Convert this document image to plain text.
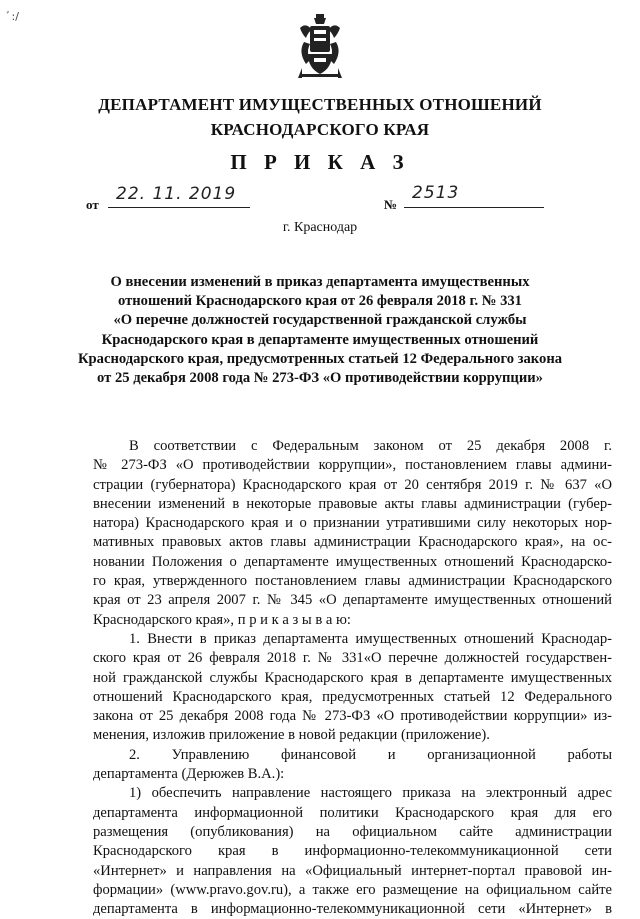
ﾞ:/
ДЕПАРТАМЕНТ ИМУЩЕСТВЕННЫХ ОТНОШЕНИЙ
КРАСНОДАРСКОГО КРАЯ
П Р И К А З
от
22. 11. 2019
№
2513
г. Краснодар
О внесении изменений в приказ департамента имущественных
отношений Краснодарского края от 26 февраля 2018 г. № 331
«О перечне должностей государственной гражданской службы
Краснодарского края в департаменте имущественных отношений
Краснодарского края, предусмотренных статьей 12 Федерального закона
от 25 декабря 2008 года № 273-ФЗ «О противодействии коррупции»
В соответствии с Федеральным законом от 25 декабря 2008 г.
№ 273-ФЗ «О противодействии коррупции», постановлением главы админи-
страции (губернатора) Краснодарского края от 20 сентября 2019 г. № 637 «О
внесении изменений в некоторые правовые акты главы администрации (губер-
натора) Краснодарского края и о признании утратившими силу некоторых нор-
мативных правовых актов главы администрации Краснодарского края», на ос-
новании Положения о департаменте имущественных отношений Краснодарско-
го края, утвержденного постановлением главы администрации Краснодарского
края от 23 апреля 2007 г. № 345 «О департаменте имущественных отношений
Краснодарского края», п р и к а з ы в а ю:
1. Внести в приказ департамента имущественных отношений Краснодар-
ского края от 26 февраля 2018 г. № 331«О перечне должностей государствен-
ной гражданской службы Краснодарского края в департаменте имущественных
отношений Краснодарского края, предусмотренных статьей 12 Федерального
закона от 25 декабря 2008 года № 273-ФЗ «О противодействии коррупции» из-
менения, изложив приложение в новой редакции (приложение).
2. Управлению финансовой и организационной работы
департамента (Дерюжев В.А.):
1) обеспечить направление настоящего приказа на электронный адрес
департамента информационной политики Краснодарского края для его
размещения (опубликования) на официальном сайте администрации
Краснодарского края в информационно-телекоммуникационной сети
«Интернет» и направления на «Официальный интернет-портал правовой ин-
формации» (www.pravo.gov.ru), а также его размещение на официальном сайте
департамента в информационно-телекоммуникационной сети «Интернет» в
